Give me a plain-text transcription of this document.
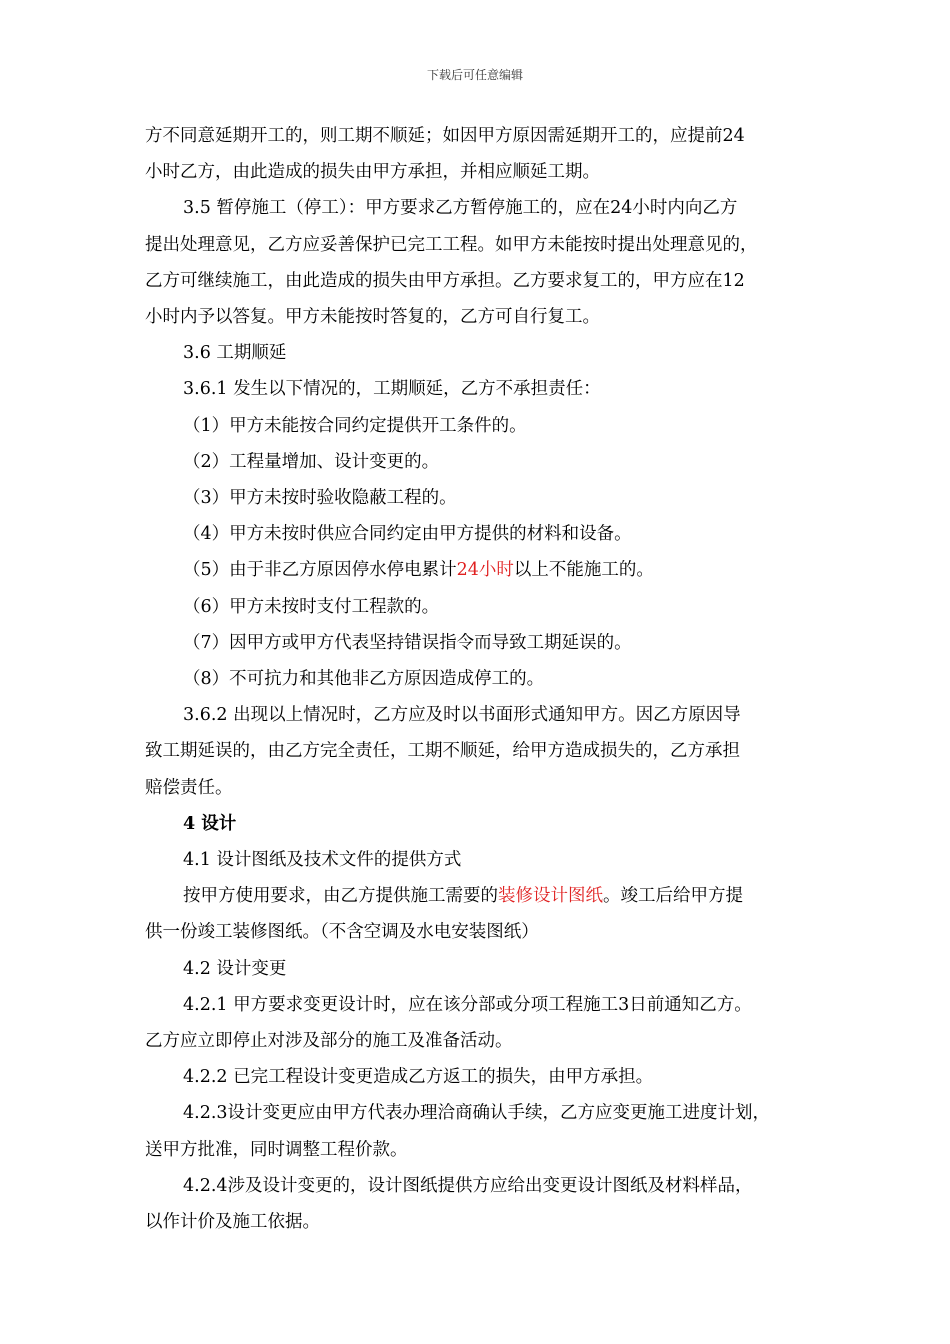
下载后可任意编辑
方不同意延期开工的，则工期不顺延；如因甲方原因需延期开工的，应提前24
小时乙方，由此造成的损失由甲方承担，并相应顺延工期。
3.5 暂停施工（停工）：甲方要求乙方暂停施工的，应在24小时内向乙方
提出处理意见，乙方应妥善保护已完工工程。如甲方未能按时提出处理意见的，
乙方可继续施工，由此造成的损失由甲方承担。乙方要求复工的，甲方应在12
小时内予以答复。甲方未能按时答复的，乙方可自行复工。
3.6 工期顺延
3.6.1 发生以下情况的，工期顺延，乙方不承担责任：
（1）甲方未能按合同约定提供开工条件的。
（2）工程量增加、设计变更的。
（3）甲方未按时验收隐蔽工程的。
（4）甲方未按时供应合同约定由甲方提供的材料和设备。
（5）由于非乙方原因停水停电累计24小时以上不能施工的。
（6）甲方未按时支付工程款的。
（7）因甲方或甲方代表坚持错误指令而导致工期延误的。
（8）不可抗力和其他非乙方原因造成停工的。
3.6.2 出现以上情况时，乙方应及时以书面形式通知甲方。因乙方原因导
致工期延误的，由乙方完全责任，工期不顺延，给甲方造成损失的，乙方承担
赔偿责任。
4 设计
4.1 设计图纸及技术文件的提供方式
按甲方使用要求，由乙方提供施工需要的装修设计图纸。竣工后给甲方提
供一份竣工装修图纸。（不含空调及水电安装图纸）
4.2 设计变更
4.2.1 甲方要求变更设计时，应在该分部或分项工程施工3日前通知乙方。
乙方应立即停止对涉及部分的施工及准备活动。
4.2.2 已完工程设计变更造成乙方返工的损失，由甲方承担。
4.2.3设计变更应由甲方代表办理洽商确认手续，乙方应变更施工进度计划，
送甲方批准，同时调整工程价款。
4.2.4涉及设计变更的，设计图纸提供方应给出变更设计图纸及材料样品，
以作计价及施工依据。
